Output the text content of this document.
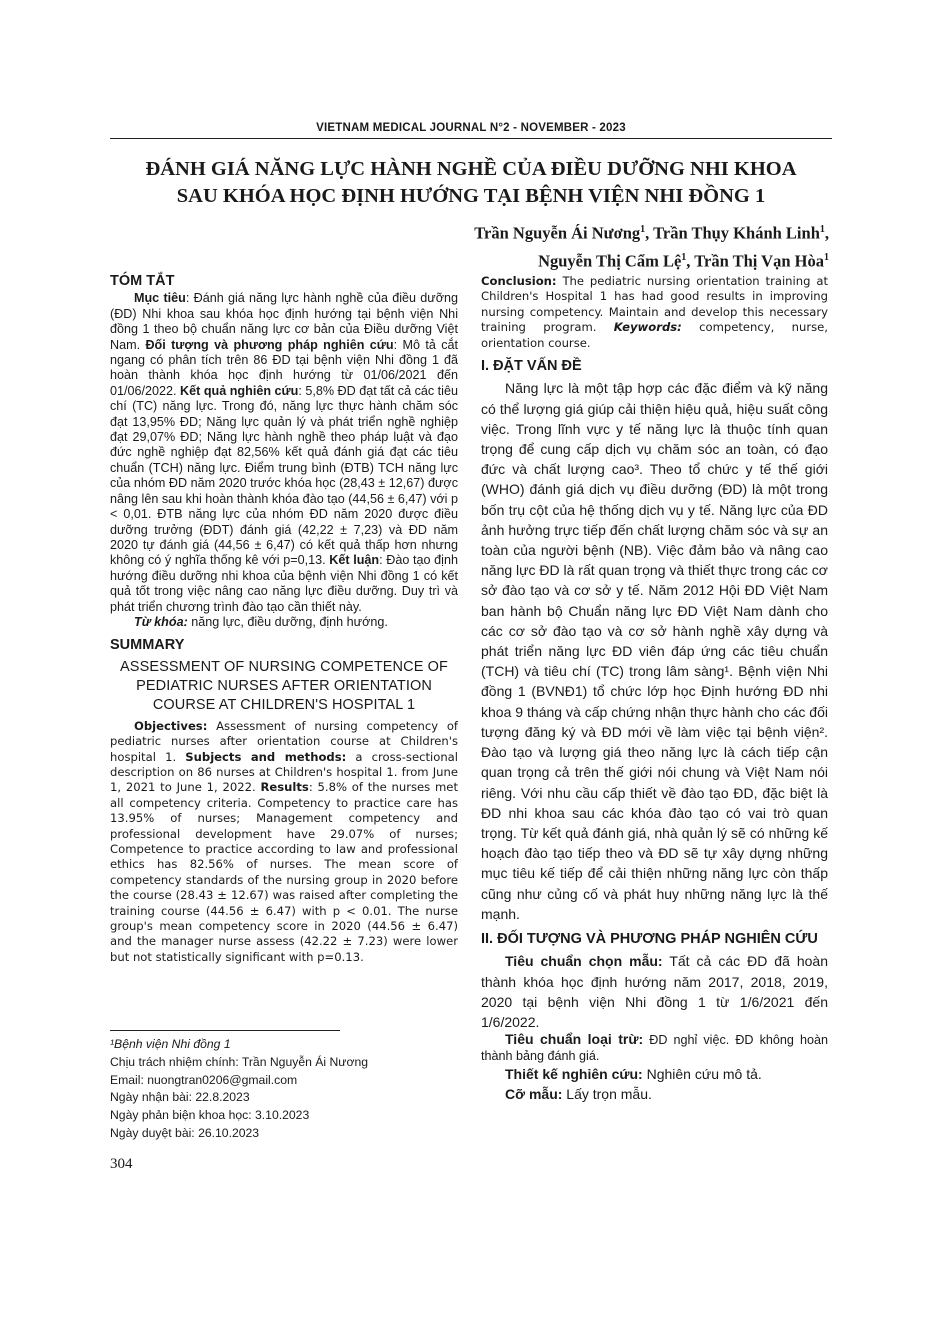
VIETNAM MEDICAL JOURNAL N°2 - NOVEMBER - 2023
ĐÁNH GIÁ NĂNG LỰC HÀNH NGHỀ CỦA ĐIỀU DƯỠNG NHI KHOA
SAU KHÓA HỌC ĐỊNH HƯỚNG TẠI BỆNH VIỆN NHI ĐỒNG 1
Trần Nguyễn Ái Nương$^1$, Trần Thụy Khánh Linh$^1$,
Nguyễn Thị Cẩm Lệ$^1$, Trần Thị Vạn Hòa$^1$
TÓM TẮT

Mục tiêu: Đánh giá năng lực hành nghề của điều dưỡng (ĐD) Nhi khoa sau khóa học định hướng tại bệnh viện Nhi đồng 1 theo bộ chuẩn năng lực cơ bản của Điều dưỡng Việt Nam. Đối tượng và phương pháp nghiên cứu: Mô tả cắt ngang có phân tích trên 86 ĐD tại bệnh viện Nhi đồng 1 đã hoàn thành khóa học định hướng từ 01/06/2021 đến 01/06/2022. Kết quả nghiên cứu: 5,8% ĐD đạt tất cả các tiêu chí (TC) năng lực. Trong đó, năng lực thực hành chăm sóc đạt 13,95% ĐD; Năng lực quản lý và phát triển nghề nghiệp đạt 29,07% ĐD; Năng lực hành nghề theo pháp luật và đạo đức nghề nghiệp đạt 82,56% kết quả đánh giá đạt các tiêu chuẩn (TCH) năng lực. Điểm trung bình (ĐTB) TCH năng lực của nhóm ĐD năm 2020 trước khóa học (28,43 ± 12,67) được nâng lên sau khi hoàn thành khóa đào tạo (44,56 ± 6,47) với p < 0,01. ĐTB năng lực của nhóm ĐD năm 2020 được điều dưỡng trưởng (ĐDT) đánh giá (42,22 ± 7,23) và ĐD năm 2020 tự đánh giá (44,56 ± 6,47) có kết quả thấp hơn nhưng không có ý nghĩa thống kê với p=0,13. Kết luận: Đào tạo định hướng điều dưỡng nhi khoa của bệnh viện Nhi đồng 1 có kết quả tốt trong việc nâng cao năng lực điều dưỡng. Duy trì và phát triển chương trình đào tạo cần thiết này.

Từ khóa: năng lực, điều dưỡng, định hướng.

SUMMARY
ASSESSMENT OF NURSING COMPETENCE OF PEDIATRIC NURSES AFTER ORIENTATION COURSE AT CHILDREN'S HOSPITAL 1

Objectives: Assessment of nursing competency of pediatric nurses after orientation course at Children's hospital 1. Subjects and methods: a cross-sectional description on 86 nurses at Children's hospital 1. from June 1, 2021 to June 1, 2022. Results: 5.8% of the nurses met all competency criteria. Competency to practice care has 13.95% of nurses; Management competency and professional development have 29.07% of nurses; Competence to practice according to law and professional ethics has 82.56% of nurses. The mean score of competency standards of the nursing group in 2020 before the course (28.43 ± 12.67) was raised after completing the training course (44.56 ± 6.47) with p < 0.01. The nurse group's mean competency score in 2020 (44.56 ± 6.47) and the manager nurse assess (42.22 ± 7.23) were lower but not statistically significant with p=0.13.

Conclusion: The pediatric nursing orientation training at Children's Hospital 1 has had good results in improving nursing competency. Maintain and develop this necessary training program. Keywords: competency, nurse, orientation course.

I. ĐẶT VẤN ĐỀ

Năng lực là một tập hợp các đặc điểm và kỹ năng có thể lượng giá giúp cải thiện hiệu quả, hiệu suất công việc. Trong lĩnh vực y tế năng lực là thuộc tính quan trọng để cung cấp dịch vụ chăm sóc an toàn, có đạo đức và chất lượng cao³. Theo tổ chức y tế thế giới (WHO) đánh giá dịch vụ điều dưỡng (ĐD) là một trong bốn trụ cột của hệ thống dịch vụ y tế. Năng lực của ĐD ảnh hưởng trực tiếp đến chất lượng chăm sóc và sự an toàn của người bệnh (NB). Việc đảm bảo và nâng cao năng lực ĐD là rất quan trọng và thiết thực trong các cơ sở đào tạo và cơ sở y tế. Năm 2012 Hội ĐD Việt Nam ban hành bộ Chuẩn năng lực ĐD Việt Nam dành cho các cơ sở đào tạo và cơ sở hành nghề xây dựng và phát triển năng lực ĐD viên đáp ứng các tiêu chuẩn (TCH) và tiêu chí (TC) trong lâm sàng¹. Bệnh viện Nhi đồng 1 (BVNĐ1) tổ chức lớp học Định hướng ĐD nhi khoa 9 tháng và cấp chứng nhận thực hành cho các đối tượng đăng ký và ĐD mới về làm việc tại bệnh viện². Đào tạo và lượng giá theo năng lực là cách tiếp cận quan trọng cả trên thế giới nói chung và Việt Nam nói riêng. Với nhu cầu cấp thiết về đào tạo ĐD, đặc biệt là ĐD nhi khoa sau các khóa đào tạo có vai trò quan trọng. Từ kết quả đánh giá, nhà quản lý sẽ có những kế hoạch đào tạo tiếp theo và ĐD sẽ tự xây dựng những mục tiêu kế tiếp để cải thiện những năng lực còn thấp cũng như củng cố và phát huy những năng lực là thế mạnh.

II. ĐỐI TƯỢNG VÀ PHƯƠNG PHÁP NGHIÊN CỨU

Tiêu chuẩn chọn mẫu: Tất cả các ĐD đã hoàn thành khóa học định hướng năm 2017, 2018, 2019, 2020 tại bệnh viện Nhi đồng 1 từ 1/6/2021 đến 1/6/2022.

Tiêu chuẩn loại trừ: ĐD nghỉ việc. ĐD không hoàn thành bảng đánh giá.

Thiết kế nghiên cứu: Nghiên cứu mô tả.

Cỡ mẫu: Lấy trọn mẫu.

¹Bệnh viện Nhi đồng 1
Chịu trách nhiệm chính: Trần Nguyễn Ái Nương
Email: nuongtran0206@gmail.com
Ngày nhận bài: 22.8.2023
Ngày phản biện khoa học: 3.10.2023
Ngày duyệt bài: 26.10.2023
304
